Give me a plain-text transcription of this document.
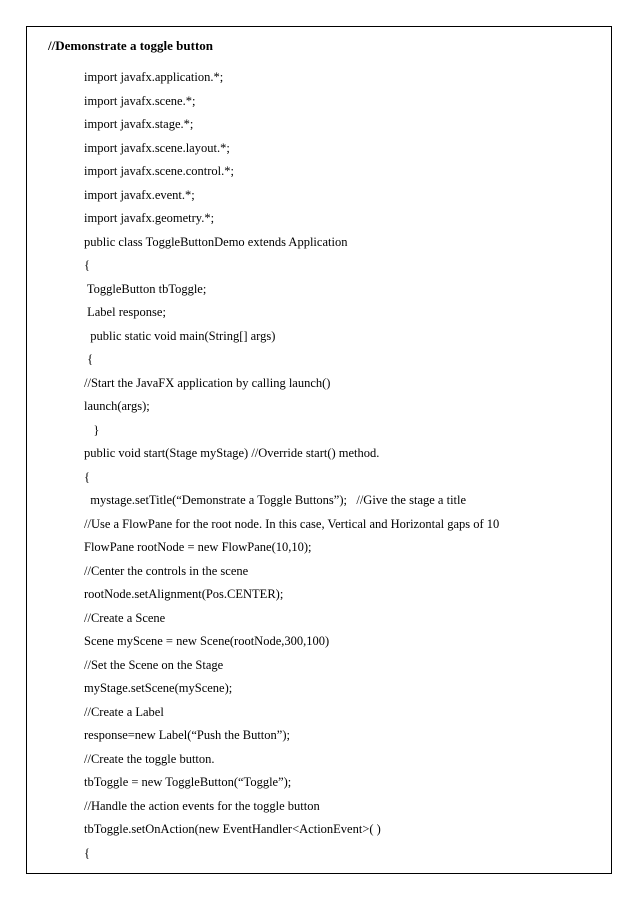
//Demonstrate a toggle button
import javafx.application.*;
import javafx.scene.*;
import javafx.stage.*;
import javafx.scene.layout.*;
import javafx.scene.control.*;
import javafx.event.*;
import javafx.geometry.*;
public class ToggleButtonDemo extends Application
{
ToggleButton tbToggle;
Label response;
public static void main(String[] args)
{
//Start the JavaFX application by calling launch()
launch(args);
}
public void start(Stage myStage) //Override start() method.
{
mystage.setTitle(“Demonstrate a Toggle Buttons”);   //Give the stage a title
//Use a FlowPane for the root node. In this case, Vertical and Horizontal gaps of 10
FlowPane rootNode = new FlowPane(10,10);
//Center the controls in the scene
rootNode.setAlignment(Pos.CENTER);
//Create a Scene
Scene myScene = new Scene(rootNode,300,100)
//Set the Scene on the Stage
myStage.setScene(myScene);
//Create a Label
response=new Label(“Push the Button”);
//Create the toggle button.
tbToggle = new ToggleButton(“Toggle”);
//Handle the action events for the toggle button
tbToggle.setOnAction(new EventHandler<ActionEvent>( )
{
